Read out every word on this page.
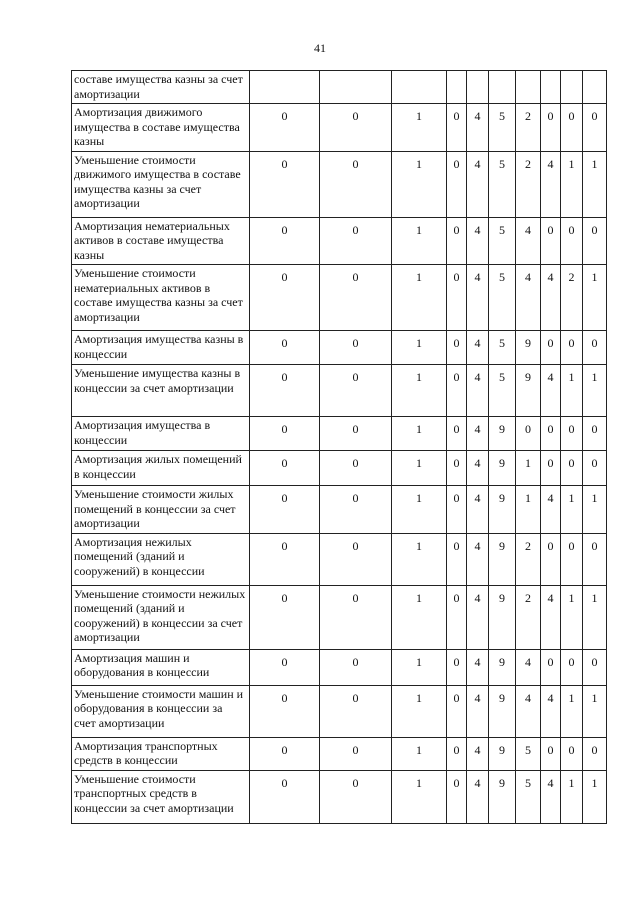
41
составе имущества казны за счет амортизации										
Амортизация движимого имущества в составе имущества казны	0	0	1	0	4	5	2	0	0	0
Уменьшение стоимости движимого имущества в составе имущества казны за счет амортизации	0	0	1	0	4	5	2	4	1	1
Амортизация нематериальных активов в составе имущества казны	0	0	1	0	4	5	4	0	0	0
Уменьшение стоимости нематериальных активов в составе имущества казны за счет амортизации	0	0	1	0	4	5	4	4	2	1
Амортизация имущества казны в концессии	0	0	1	0	4	5	9	0	0	0
Уменьшение имущества казны в концессии за счет амортизации	0	0	1	0	4	5	9	4	1	1
Амортизация имущества в концессии	0	0	1	0	4	9	0	0	0	0
Амортизация жилых помещений в концессии	0	0	1	0	4	9	1	0	0	0
Уменьшение стоимости жилых помещений в концессии за счет амортизации	0	0	1	0	4	9	1	4	1	1
Амортизация нежилых помещений (зданий и сооружений) в концессии	0	0	1	0	4	9	2	0	0	0
Уменьшение стоимости нежилых помещений (зданий и сооружений) в концессии за счет амортизации	0	0	1	0	4	9	2	4	1	1
Амортизация машин и оборудования в концессии	0	0	1	0	4	9	4	0	0	0
Уменьшение стоимости машин и оборудования в концессии за счет амортизации	0	0	1	0	4	9	4	4	1	1
Амортизация транспортных средств в концессии	0	0	1	0	4	9	5	0	0	0
Уменьшение стоимости транспортных средств в концессии за счет амортизации	0	0	1	0	4	9	5	4	1	1
